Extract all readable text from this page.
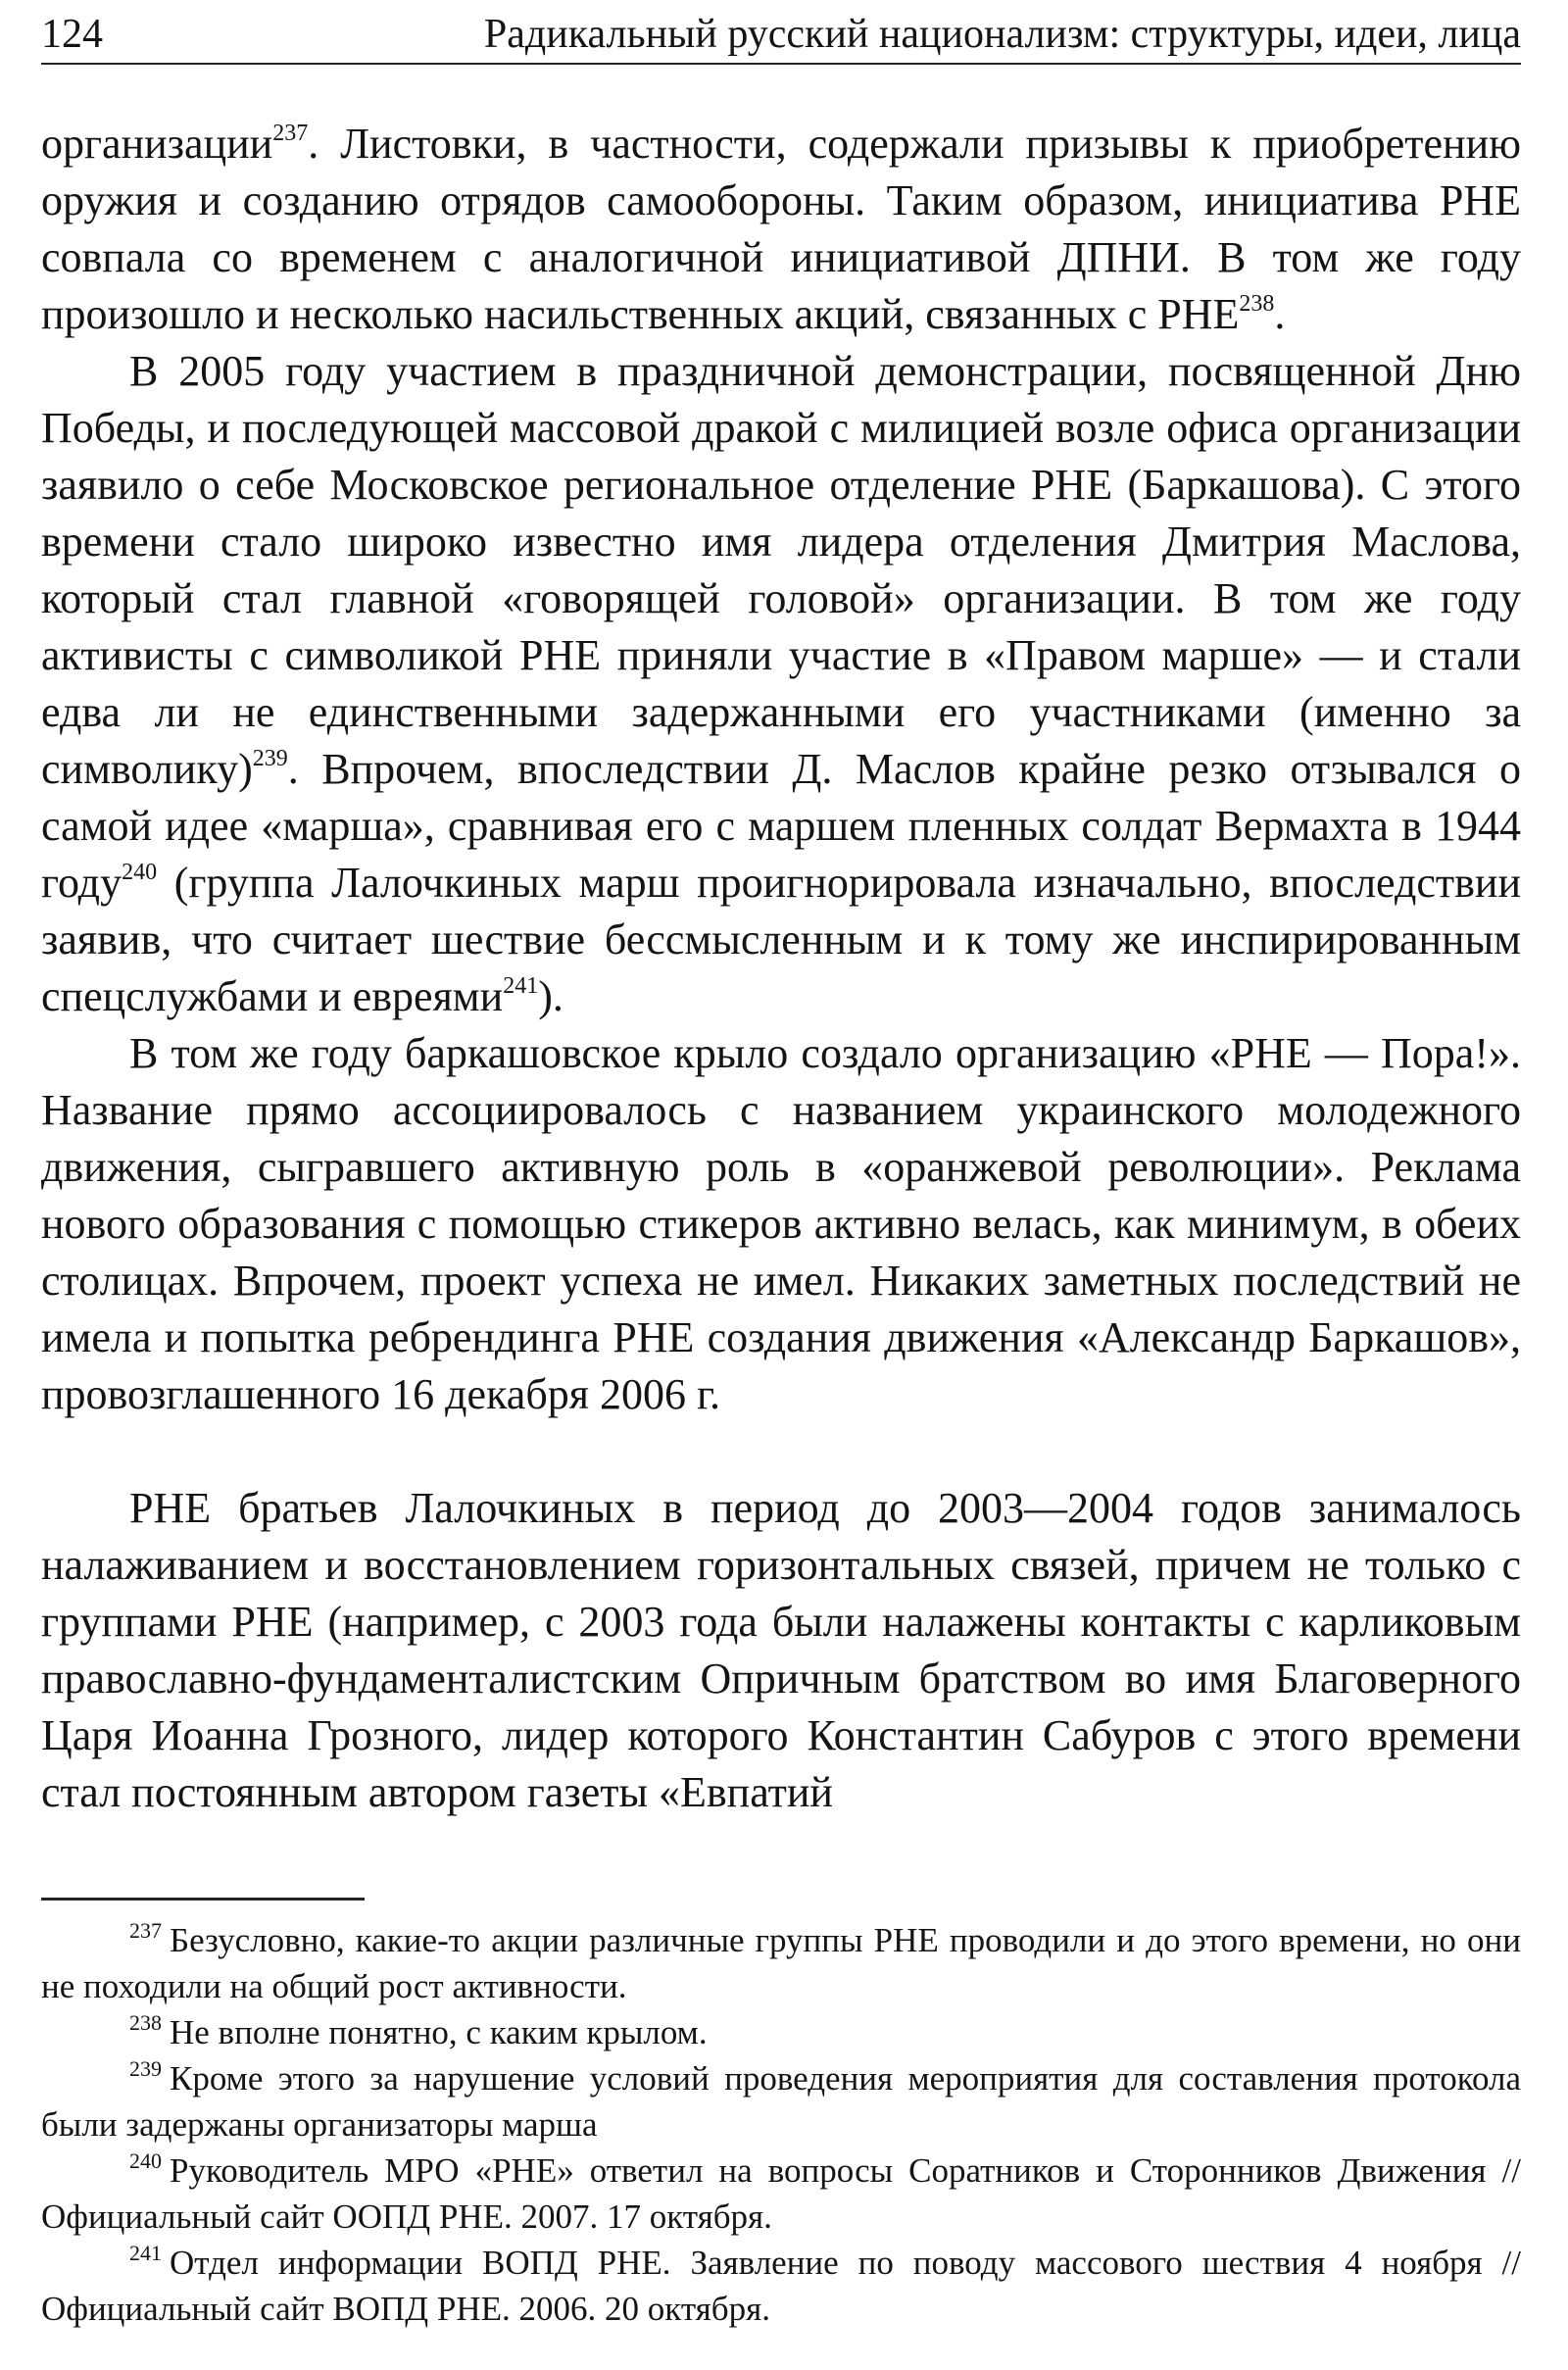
124	Радикальный русский национализм: структуры, идеи, лица

организации$^{237}$. Листовки, в частности, содержали призывы к приобретению оружия и созданию отрядов самообороны. Таким образом, инициатива РНЕ совпала со временем с аналогичной инициативой ДПНИ. В том же году произошло и несколько насильственных акций, связанных с РНЕ$^{238}$.

В 2005 году участием в праздничной демонстрации, посвященной Дню Победы, и последующей массовой дракой с милицией возле офиса организации заявило о себе Московское региональное отделение РНЕ (Баркашова). С этого времени стало широко известно имя лидера отделения Дмитрия Маслова, который стал главной «говорящей головой» организации. В том же году активисты с символикой РНЕ приняли участие в «Правом марше» — и стали едва ли не единственными задержанными его участниками (именно за символику)$^{239}$. Впрочем, впоследствии Д. Маслов крайне резко отзывался о самой идее «марша», сравнивая его с маршем пленных солдат Вермахта в 1944 году$^{240}$ (группа Лалочкиных марш проигнорировала изначально, впоследствии заявив, что считает шествие бессмысленным и к тому же инспирированным спецслужбами и евреями$^{241}$).

В том же году баркашовское крыло создало организацию «РНЕ — Пора!». Название прямо ассоциировалось с названием украинского молодежного движения, сыгравшего активную роль в «оранжевой революции». Реклама нового образования с помощью стикеров активно велась, как минимум, в обеих столицах. Впрочем, проект успеха не имел. Никаких заметных последствий не имела и попытка ребрендинга РНЕ создания движения «Александр Баркашов», провозглашенного 16 декабря 2006 г.

РНЕ братьев Лалочкиных в период до 2003—2004 годов занималось налаживанием и восстановлением горизонтальных связей, причем не только с группами РНЕ (например, с 2003 года были налажены контакты с карликовым православно-фундаменталистским Опричным братством во имя Благоверного Царя Иоанна Грозного, лидер которого Константин Сабуров с этого времени стал постоянным автором газеты «Евпатий

$^{237}$ Безусловно, какие-то акции различные группы РНЕ проводили и до этого времени, но они не походили на общий рост активности.

$^{238}$ Не вполне понятно, с каким крылом.

$^{239}$ Кроме этого за нарушение условий проведения мероприятия для составления протокола были задержаны организаторы марша

$^{240}$ Руководитель МРО «РНЕ» ответил на вопросы Соратников и Сторонников Движения // Официальный сайт ООПД РНЕ. 2007. 17 октября.

$^{241}$ Отдел информации ВОПД РНЕ. Заявление по поводу массового шествия 4 ноября // Официальный сайт ВОПД РНЕ. 2006. 20 октября.
